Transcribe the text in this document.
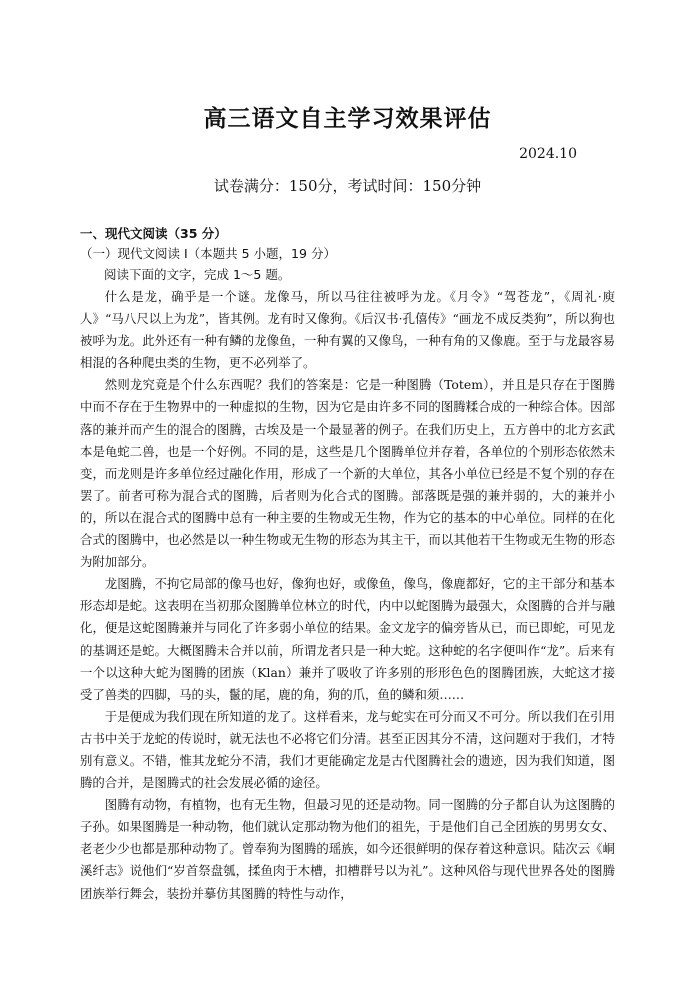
高三语文自主学习效果评估
2024.10
试卷满分：150分，考试时间：150分钟
一、现代文阅读（35 分）
（一）现代文阅读 I（本题共 5 小题，19 分）
阅读下面的文字，完成 1～5 题。

什么是龙，确乎是一个谜。龙像马，所以马往往被呼为龙。《月令》“驾苍龙”，《周礼·庾人》“马八尺以上为龙”，皆其例。龙有时又像狗。《后汉书·孔僖传》“画龙不成反类狗”，所以狗也被呼为龙。此外还有一种有鳞的龙像鱼，一种有翼的又像鸟，一种有角的又像鹿。至于与龙最容易相混的各种爬虫类的生物，更不必列举了。

然则龙究竟是个什么东西呢？我们的答案是：它是一种图腾（Totem），并且是只存在于图腾中而不存在于生物界中的一种虚拟的生物，因为它是由许多不同的图腾糅合成的一种综合体。因部落的兼并而产生的混合的图腾，古埃及是一个最显著的例子。在我们历史上，五方兽中的北方玄武本是龟蛇二兽，也是一个好例。不同的是，这些是几个图腾单位并存着，各单位的个别形态依然未变，而龙则是许多单位经过融化作用，形成了一个新的大单位，其各小单位已经是不复个别的存在罢了。前者可称为混合式的图腾，后者则为化合式的图腾。部落既是强的兼并弱的，大的兼并小的，所以在混合式的图腾中总有一种主要的生物或无生物，作为它的基本的中心单位。同样的在化合式的图腾中，也必然是以一种生物或无生物的形态为其主干，而以其他若干生物或无生物的形态为附加部分。

龙图腾，不拘它局部的像马也好，像狗也好，或像鱼，像鸟，像鹿都好，它的主干部分和基本形态却是蛇。这表明在当初那众图腾单位林立的时代，内中以蛇图腾为最强大，众图腾的合并与融化，便是这蛇图腾兼并与同化了许多弱小单位的结果。金文龙字的偏旁皆从已，而已即蛇，可见龙的基调还是蛇。大概图腾未合并以前，所谓龙者只是一种大蛇。这种蛇的名字便叫作“龙”。后来有一个以这种大蛇为图腾的团族（Klan）兼并了吸收了许多别的形形色色的图腾团族，大蛇这才接受了兽类的四脚，马的头，鬣的尾，鹿的角，狗的爪，鱼的鳞和须……

于是便成为我们现在所知道的龙了。这样看来，龙与蛇实在可分而又不可分。所以我们在引用古书中关于龙蛇的传说时，就无法也不必将它们分清。甚至正因其分不清，这问题对于我们，才特别有意义。不错，惟其龙蛇分不清，我们才更能确定龙是古代图腾社会的遗迹，因为我们知道，图腾的合并，是图腾式的社会发展必循的途径。

图腾有动物，有植物，也有无生物，但最习见的还是动物。同一图腾的分子都自认为这图腾的子孙。如果图腾是一种动物，他们就认定那动物为他们的祖先，于是他们自己全团族的男男女女、老老少少也都是那种动物了。曾奉狗为图腾的瑶族，如今还很鲜明的保存着这种意识。陆次云《峒溪纤志》说他们“岁首祭盘瓠，揉鱼肉于木槽，扣槽群号以为礼”。这种风俗与现代世界各处的图腾团族举行舞会，装扮并摹仿其图腾的特性与动作，
